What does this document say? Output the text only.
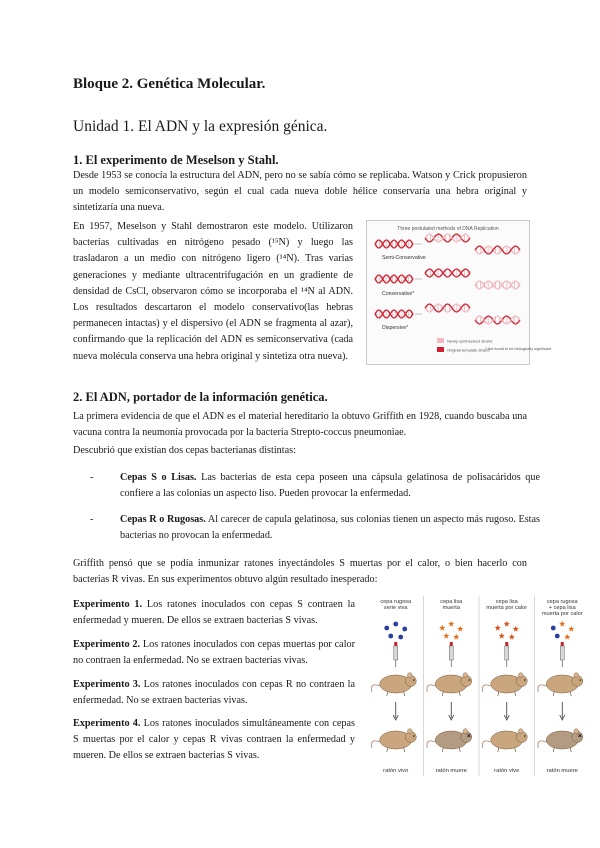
Bloque 2. Genética Molecular.
Unidad 1. El ADN y la expresión génica.
1. El experimento de Meselson y Stahl.

Desde 1953 se conocía la estructura del ADN, pero no se sabía cómo se replicaba. Watson y Crick propusieron un modelo semiconservativo, según el cual cada nueva doble hélice conservaría una hebra original y sintetizaría una nueva.

En 1957, Meselson y Stahl demostraron este modelo. Utilizaron bacterias cultivadas en nitrógeno pesado (¹⁵N) y luego las trasladaron a un medio con nitrógeno ligero (¹⁴N). Tras varias generaciones y mediante ultracentrifugación en un gradiente de densidad de CsCl, observaron cómo se incorporaba el ¹⁴N al ADN. Los resultados descartaron el modelo conservativo(las hebras permanecen intactas) y el dispersivo (el ADN se fragmenta al azar), confirmando que la replicación del ADN es semiconservativa (cada nueva molécula conserva una hebra original y sintetiza otra nueva).

Three postulated methods of DNA Replication
Semi-Conservative
Conservative*
Dispersive*
Newly synthesized strand
Original template strand
* Not found to be biologically significant
2. El ADN, portador de la información genética.

La primera evidencia de que el ADN es el material hereditario la obtuvo Griffith en 1928, cuando buscaba una vacuna contra la neumonía provocada por la bacteria Strepto-coccus pneumoniae.

Descubrió que existían dos cepas bacterianas distintas:

-	Cepas S o Lisas. Las bacterias de esta cepa poseen una cápsula gelatinosa de polisacáridos que confiere a las colonias un aspecto liso. Pueden provocar la enfermedad.
-	Cepas R o Rugosas. Al carecer de capula gelatinosa, sus colonias tienen un aspecto más rugoso. Estas bacterias no provocan la enfermedad.

Griffith pensó que se podía inmunizar ratones inyectándoles S muertas por el calor, o bien hacerlo con bacterias R vivas. En sus experimentos obtuvo algún resultado inesperado:

Experimento 1. Los ratones inoculados con cepas S contraen la enfermedad y mueren. De ellos se extraen bacterias S vivas.

Experimento 2. Los ratones inoculados con cepas muertas por calor no contraen la enfermedad. No se extraen bacterias vivas.

Experimento 3. Los ratones inoculados con cepas R no contraen la enfermedad. No se extraen bacterias vivas.

Experimento 4. Los ratones inoculados simultáneamente con cepas S muertas por el calor y cepas R vivas contraen la enfermedad y mueren. De ellos se extraen bacterias S vivas.

cepa rugosa
serie viva
ratón vivo
cepa lisa
muerta
ratón muere
cepa lisa
muerta por calor
ratón vive
cepa rugosa
+ cepa lisa
muerta por calor
ratón muere
